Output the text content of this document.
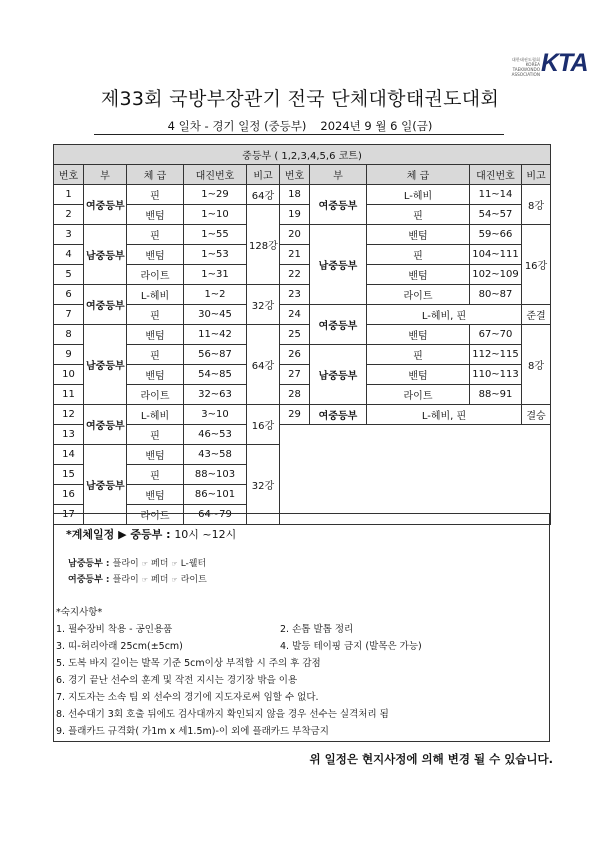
대한태권도협회 KOREA TAEKWONDO ASSOCIATION KTA
제33회 국방부장관기 전국 단체대항태권도대회
4 일차 - 경기 일정 (중등부) 2024년 9 월 6 일(금)
중등부 ( 1,2,3,4,5,6 코트)									
번호	부	체 급	대진번호	비고	번호	부	체 급	대진번호	비고
1	여중등부	핀	1~29	64강	18	여중등부	L-헤비	11~14	8강
2		밴텀	1~10	128강	19		핀	54~57	
3	남중등부	핀	1~55		20	남중등부	밴텀	59~66	16강
4		밴텀	1~53		21		핀	104~111	
5		라이트	1~31		22		밴텀	102~109	
6	여중등부	L-헤비	1~2	32강	23		라이트	80~87	
7		핀	30~45		24	여중등부	L-헤비, 핀		준결
8	남중등부	밴텀	11~42	64강	25		밴텀	67~70	8강
9		핀	56~87		26	남중등부	핀	112~115	
10		밴텀	54~85		27		밴텀	110~113	
11		라이트	32~63		28		라이트	88~91	
12	여중등부	L-헤비	3~10	16강	29	여중등부	L-헤비, 핀		결승
13		핀	46~53						
14	남중등부	밴텀	43~58	32강					
15		핀	88~103						
16		밴텀	86~101						
17		라이트	64~79						
*계체일정 ▶ 중등부 : 10시 ~12시
남중등부 : 플라이 ☞ 페더 ☞ L-웰터
여중등부 : 플라이 ☞ 페더 ☞ 라이트
*숙지사항*
1. 필수장비 착용 - 공인용품	2. 손톱 발톱 정리
3. 띠-허리아래 25cm(±5cm)	4. 발등 테이핑 금지 (발목은 가능)
5. 도복 바지 길이는 발목 기준 5cm이상 부적합 시 주의 후 감점
6. 경기 끝난 선수의 훈계 및 작전 지시는 경기장 밖을 이용
7. 지도자는 소속 팀 외 선수의 경기에 지도자로써 임할 수 없다.
8. 선수대기 3회 호출 뒤에도 검사대까지 확인되지 않을 경우 선수는 실격처리 됨
9. 플래카드 규격화( 가1m x 세1.5m)-이 외에 플래카드 부착금지
위 일정은 현지사정에 의해 변경 될 수 있습니다.
